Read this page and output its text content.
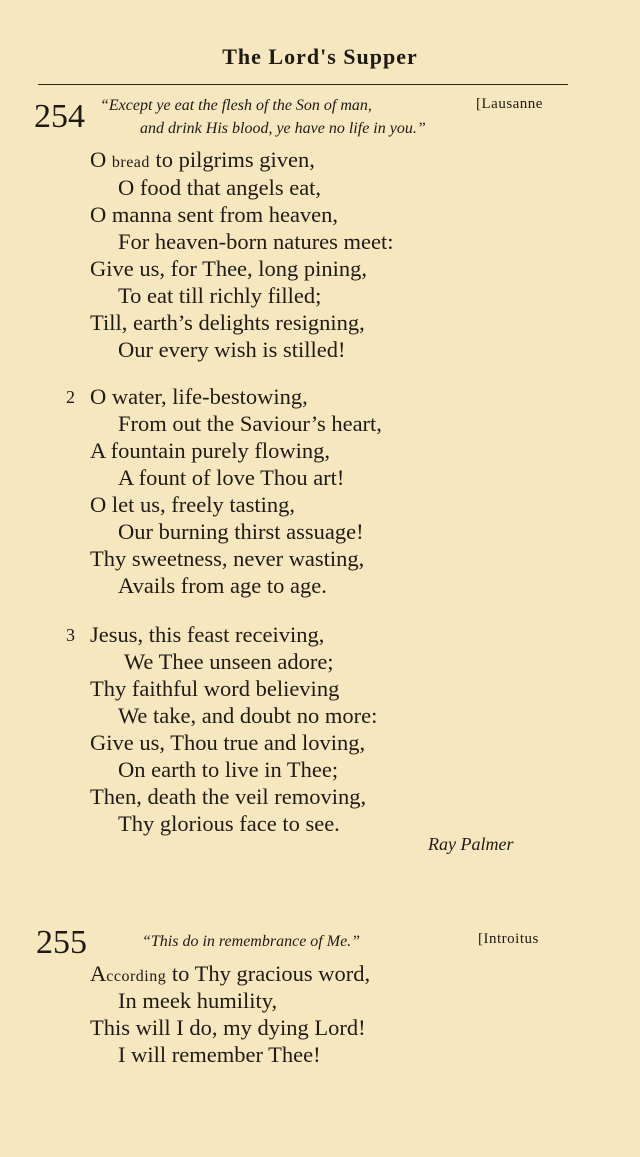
The Lord's Supper
254 “Except ye eat the flesh of the Son of man,
and drink His blood, ye have no life in you.”
[Lausanne
O bread to pilgrims given,
O food that angels eat,
O manna sent from heaven,
For heaven-born natures meet:
Give us, for Thee, long pining,
To eat till richly filled;
Till, earth’s delights resigning,
Our every wish is stilled!
2 O water, life-bestowing,
From out the Saviour’s heart,
A fountain purely flowing,
A fount of love Thou art!
O let us, freely tasting,
Our burning thirst assuage!
Thy sweetness, never wasting,
Avails from age to age.
3 Jesus, this feast receiving,
We Thee unseen adore;
Thy faithful word believing
We take, and doubt no more:
Give us, Thou true and loving,
On earth to live in Thee;
Then, death the veil removing,
Thy glorious face to see.
Ray Palmer
255	“This do in remembrance of Me.”	[Introitus
According to Thy gracious word,
In meek humility,
This will I do, my dying Lord!
I will remember Thee!
